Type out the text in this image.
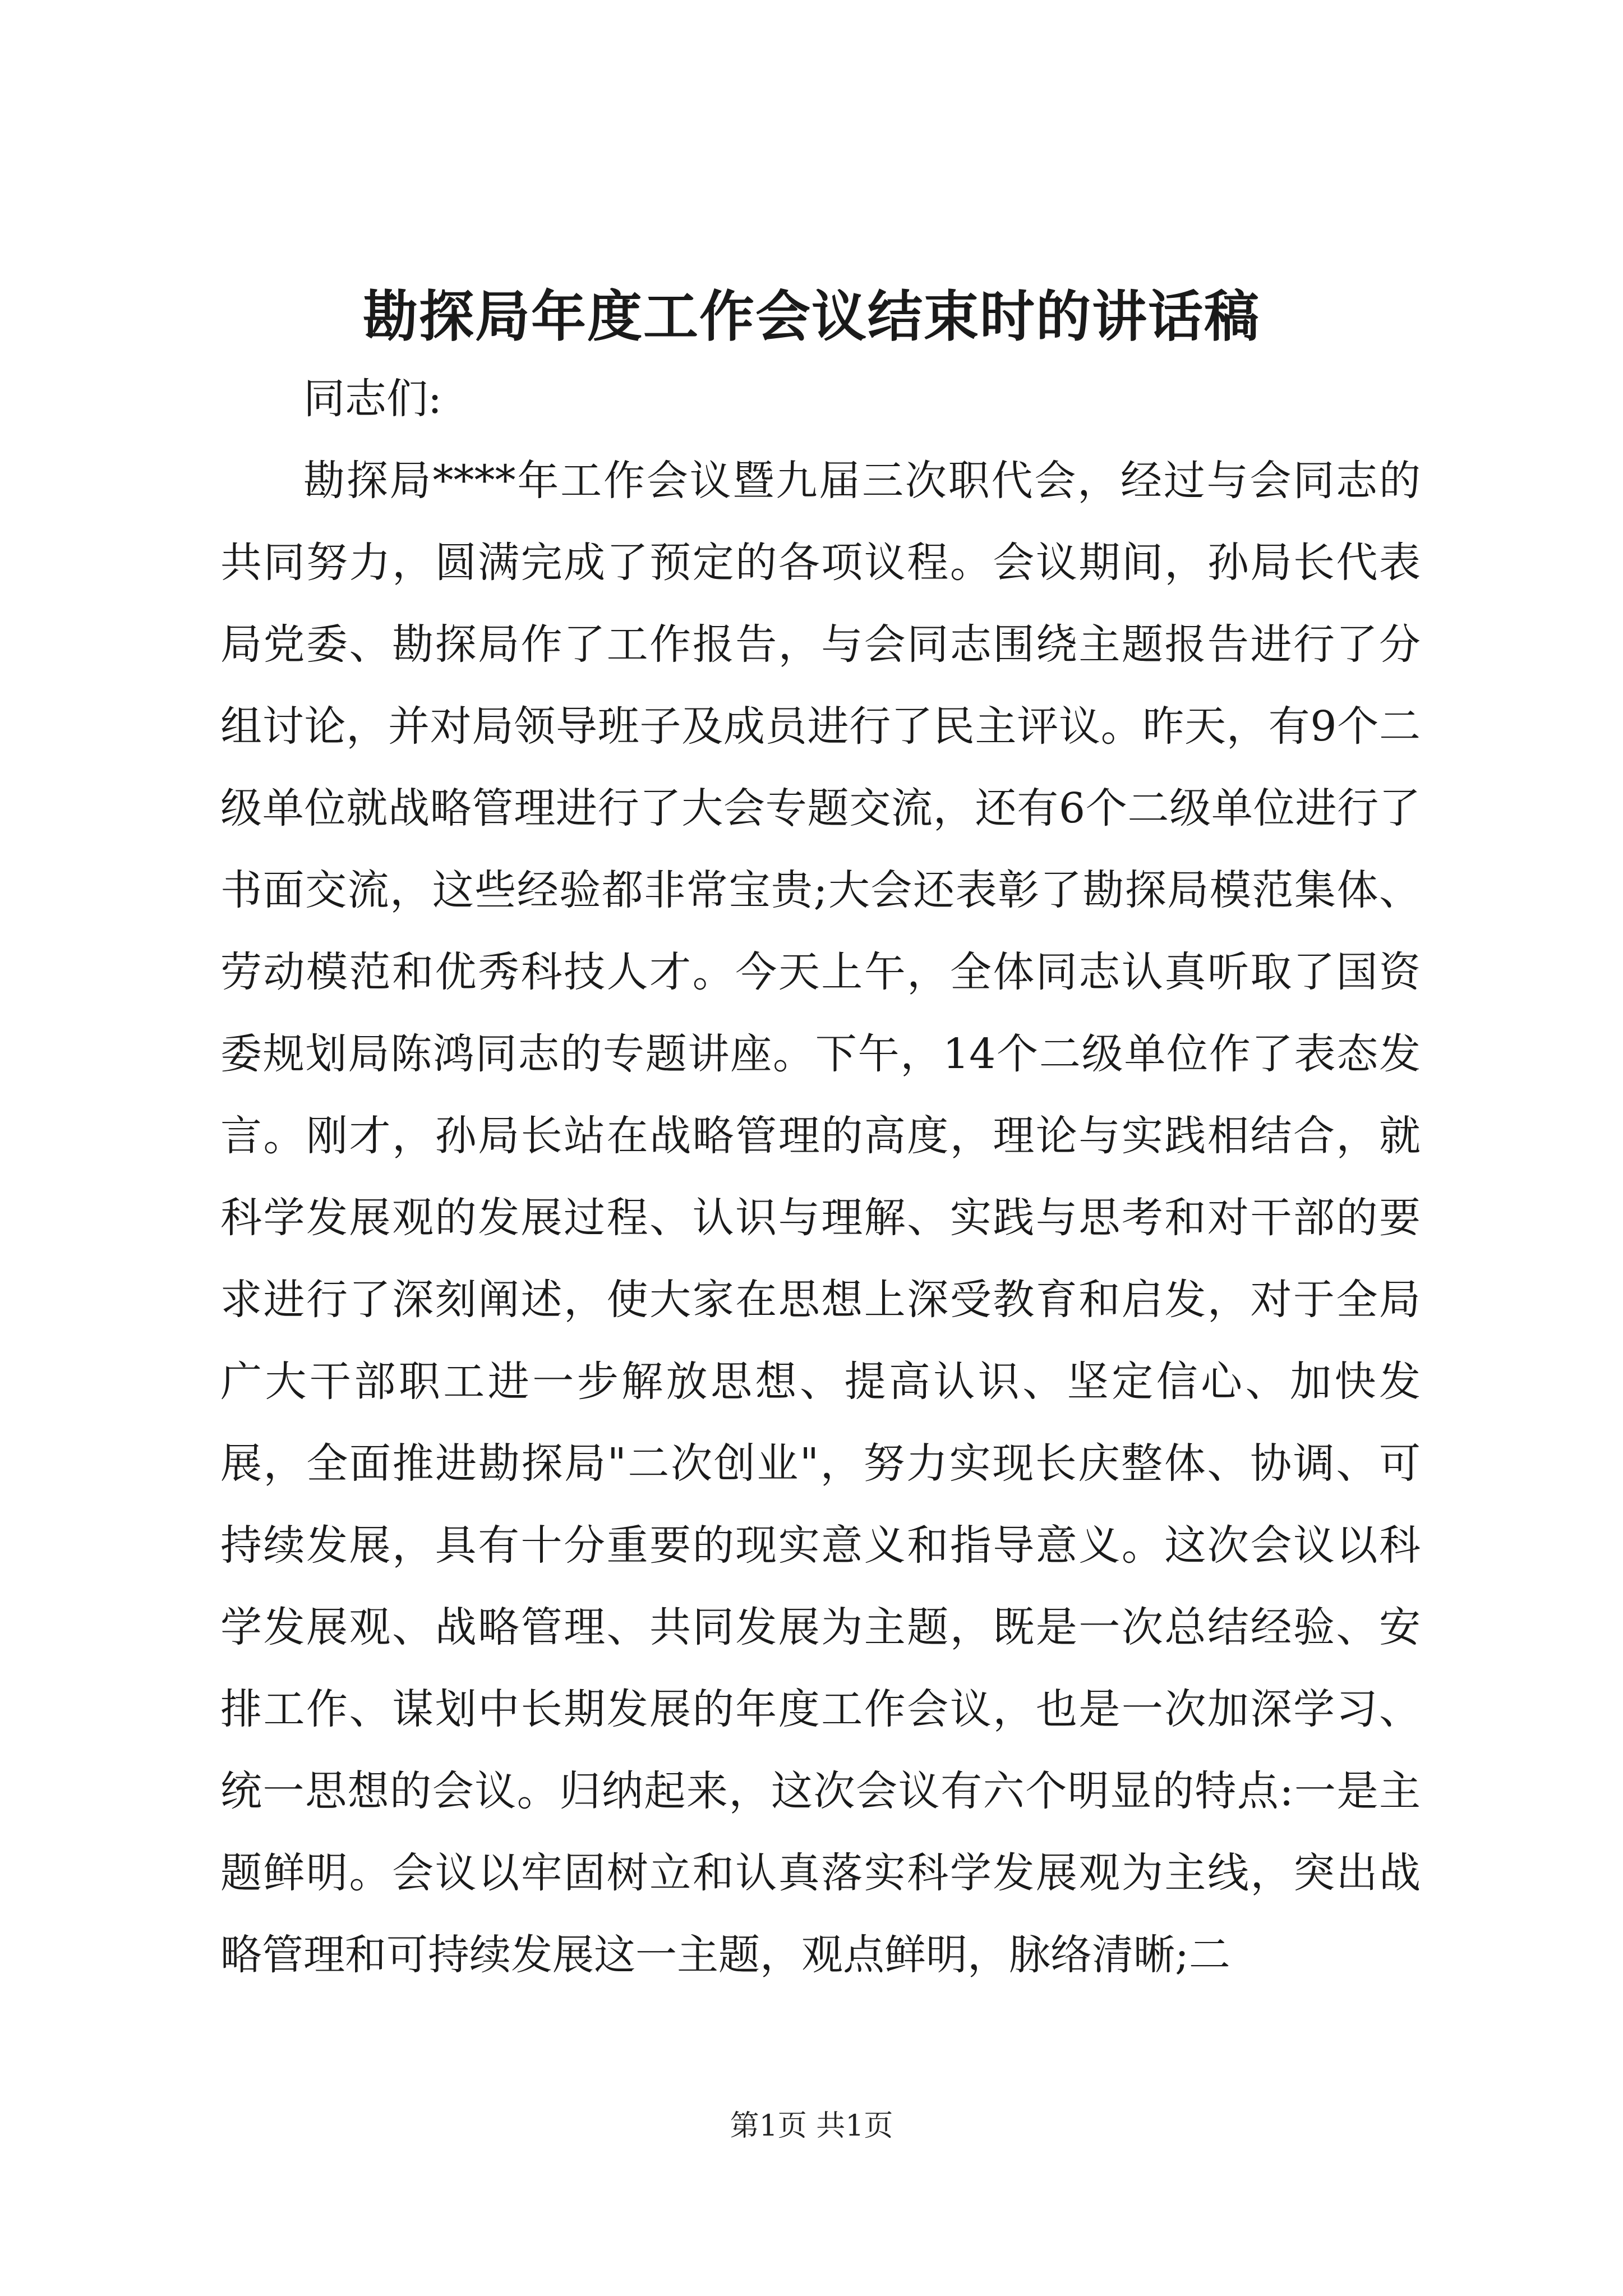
勘探局年度工作会议结束时的讲话稿
同志们:

勘探局****年工作会议暨九届三次职代会，经过与会同志的共同努力，圆满完成了预定的各项议程。会议期间，孙局长代表局党委、勘探局作了工作报告，与会同志围绕主题报告进行了分组讨论，并对局领导班子及成员进行了民主评议。昨天，有9个二级单位就战略管理进行了大会专题交流，还有6个二级单位进行了书面交流，这些经验都非常宝贵;大会还表彰了勘探局模范集体、劳动模范和优秀科技人才。今天上午，全体同志认真听取了国资委规划局陈鸿同志的专题讲座。下午，14个二级单位作了表态发言。刚才，孙局长站在战略管理的高度，理论与实践相结合，就科学发展观的发展过程、认识与理解、实践与思考和对干部的要求进行了深刻阐述，使大家在思想上深受教育和启发，对于全局广大干部职工进一步解放思想、提高认识、坚定信心、加快发展，全面推进勘探局"二次创业"，努力实现长庆整体、协调、可持续发展，具有十分重要的现实意义和指导意义。这次会议以科学发展观、战略管理、共同发展为主题，既是一次总结经验、安排工作、谋划中长期发展的年度工作会议，也是一次加深学习、统一思想的会议。归纳起来，这次会议有六个明显的特点:一是主题鲜明。会议以牢固树立和认真落实科学发展观为主线，突出战略管理和可持续发展这一主题，观点鲜明，脉络清晰;二

第1页 共1页
